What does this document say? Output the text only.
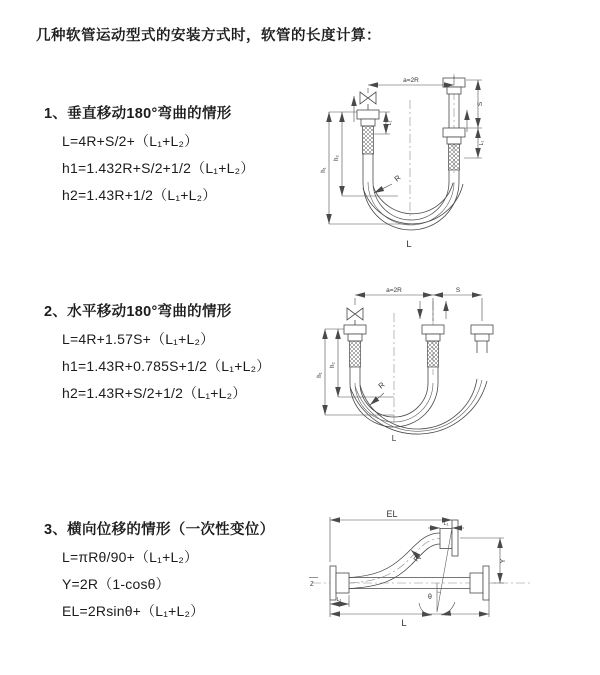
几种软管运动型式的安装方式时，软管的长度计算：
1、垂直移动180°弯曲的情形
L=4R+S/2+（L₁+L₂）
h1=1.432R+S/2+1/2（L₁+L₂）
h2=1.43R+1/2（L₁+L₂）
2、水平移动180°弯曲的情形
L=4R+1.57S+（L₁+L₂）
h1=1.43R+0.785S+1/2（L₁+L₂）
h2=1.43R+S/2+1/2（L₁+L₂）
3、横向位移的情形（一次性变位）
L=πRθ/90+（L₁+L₂）
Y=2R（1-cosθ）
EL=2Rsinθ+（L₁+L₂）
a=2R
S
L₁
L₁
h₁
h₂
R
L
a=2R	S
h₁
h₂
R
L
Z
EL
L₁
Y
θ
R
L₁
L
